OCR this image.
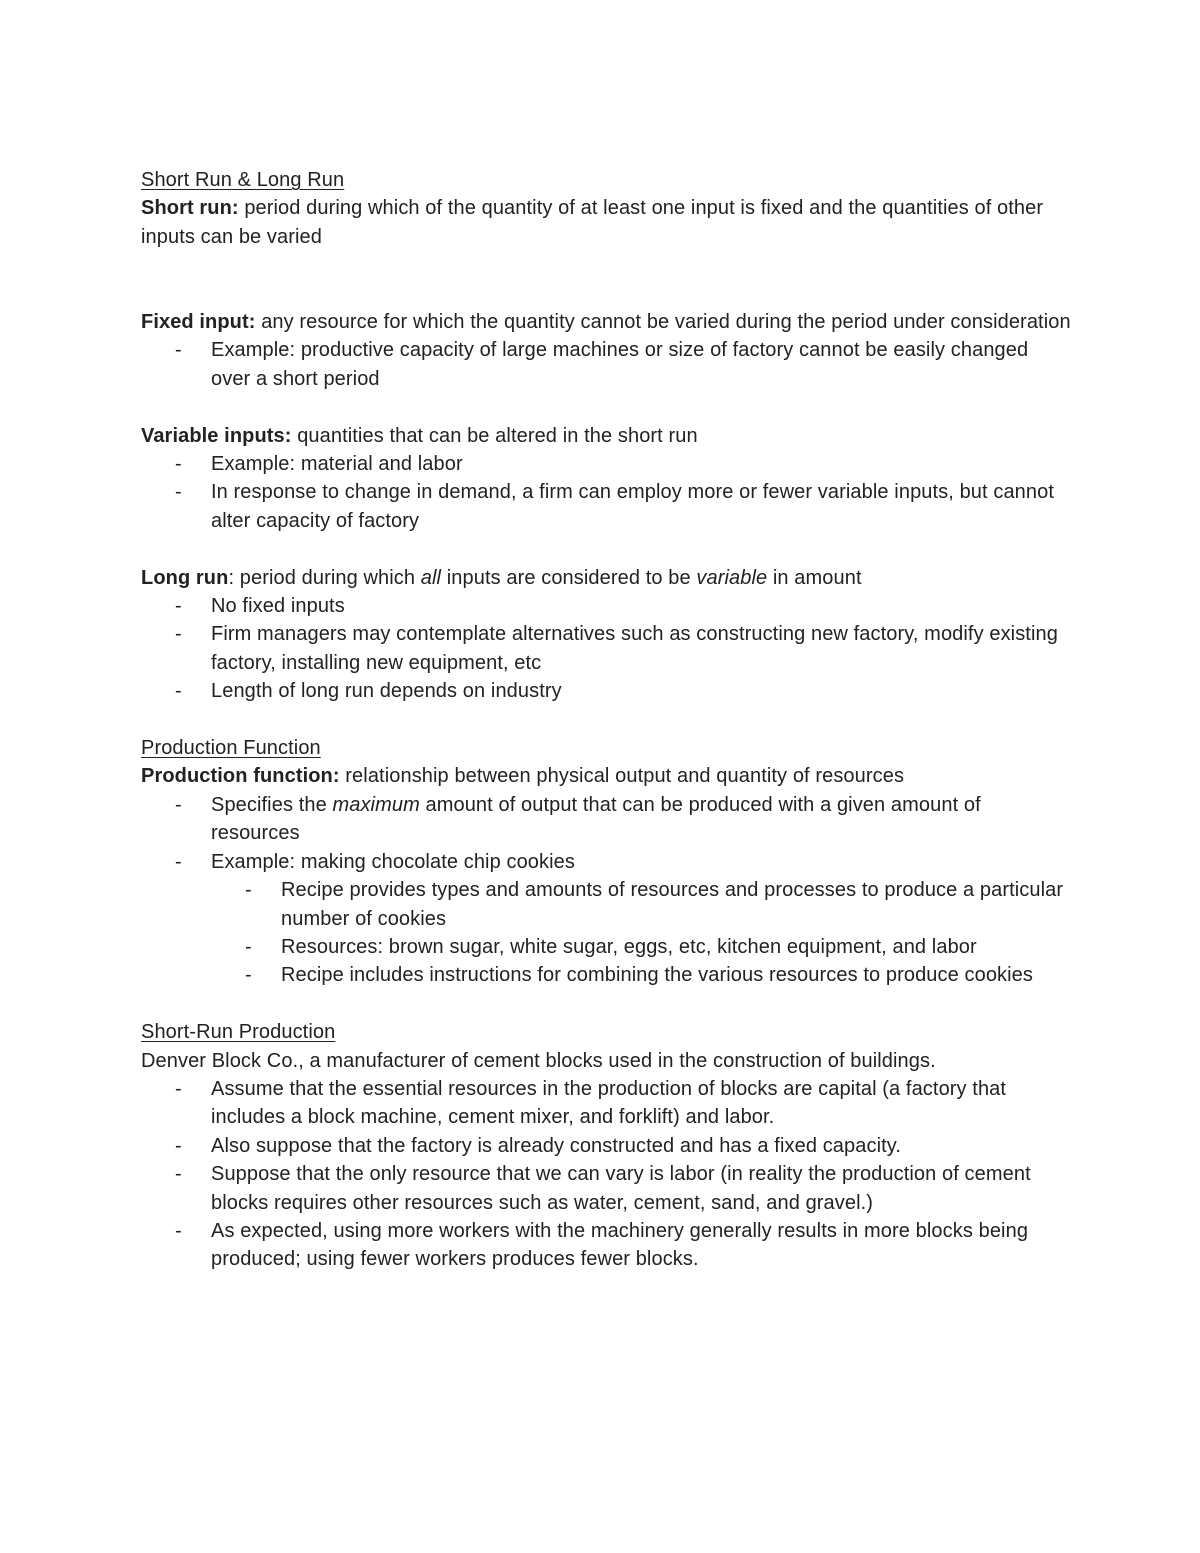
Short Run & Long Run

Short run: period during which of the quantity of at least one input is fixed and the quantities of other inputs can be varied

Fixed input: any resource for which the quantity cannot be varied during the period under consideration

- Example: productive capacity of large machines or size of factory cannot be easily changed over a short period

Variable inputs: quantities that can be altered in the short run

- Example: material and labor
- In response to change in demand, a firm can employ more or fewer variable inputs, but cannot alter capacity of factory

Long run: period during which all inputs are considered to be variable in amount

- No fixed inputs
- Firm managers may contemplate alternatives such as constructing new factory, modify existing factory, installing new equipment, etc
- Length of long run depends on industry

Production Function

Production function: relationship between physical output and quantity of resources

- Specifies the maximum amount of output that can be produced with a given amount of resources
- Example: making chocolate chip cookies
- Recipe provides types and amounts of resources and processes to produce a particular number of cookies
- Resources: brown sugar, white sugar, eggs, etc, kitchen equipment, and labor
- Recipe includes instructions for combining the various resources to produce cookies

Short-Run Production

Denver Block Co., a manufacturer of cement blocks used in the construction of buildings.

- Assume that the essential resources in the production of blocks are capital (a factory that includes a block machine, cement mixer, and forklift) and labor.
- Also suppose that the factory is already constructed and has a fixed capacity.
- Suppose that the only resource that we can vary is labor (in reality the production of cement blocks requires other resources such as water, cement, sand, and gravel.)
- As expected, using more workers with the machinery generally results in more blocks being produced; using fewer workers produces fewer blocks.
